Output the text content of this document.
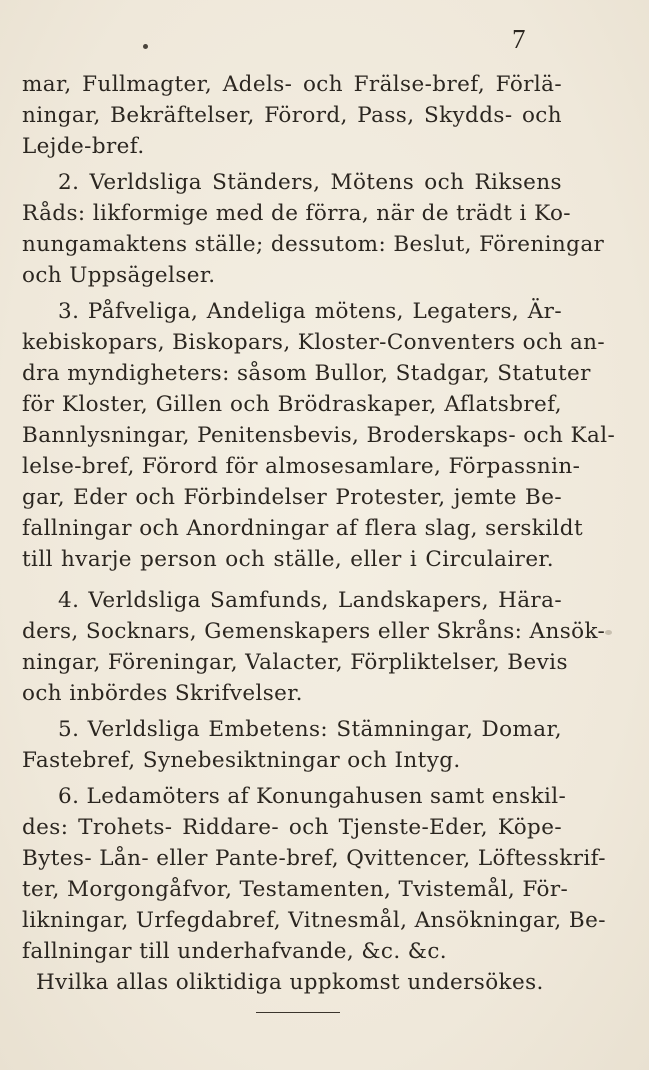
7
mar, Fullmagter, Adels- och Frälse-bref, Förlä-
ningar, Bekräftelser, Förord, Pass, Skydds- och
Lejde-bref.
2. Verldsliga Ständers, Mötens och Riksens
Råds: likformige med de förra, när de trädt i Ko-
nungamaktens ställe; dessutom: Beslut, Föreningar
och Uppsägelser.
3. Påfveliga, Andeliga mötens, Legaters, Är-
kebiskopars, Biskopars, Kloster-Conventers och an-
dra myndigheters: såsom Bullor, Stadgar, Statuter
för Kloster, Gillen och Brödraskaper, Aflatsbref,
Bannlysningar, Penitensbevis, Broderskaps- och Kal-
lelse-bref, Förord för almosesamlare, Förpassnin-
gar, Eder och Förbindelser Protester, jemte Be-
fallningar och Anordningar af flera slag, serskildt
till hvarje person och ställe, eller i Circulairer.
4. Verldsliga Samfunds, Landskapers, Härа-
ders, Socknars, Gemenskapers eller Skråns: Ansök-
ningar, Föreningar, Valacter, Förpliktelser, Bevis
och inbördes Skrifvelser.
5. Verldsliga Embetens: Stämningar, Domar,
Fastebref, Synebesiktningar och Intyg.
6. Ledamöters af Konungahusen samt enskil-
des: Trohets- Riddare- och Tjenste-Eder, Köpe-
Bytes- Lån- eller Pante-bref, Qvittencer, Löftesskrif-
ter, Morgongåfvor, Testamenten, Tvistemål, För-
likningar, Urfegdabref, Vitnesmål, Ansökningar, Be-
fallningar till underhafvande, &c. &c.
Hvilka allas oliktidiga uppkomst undersökes.
